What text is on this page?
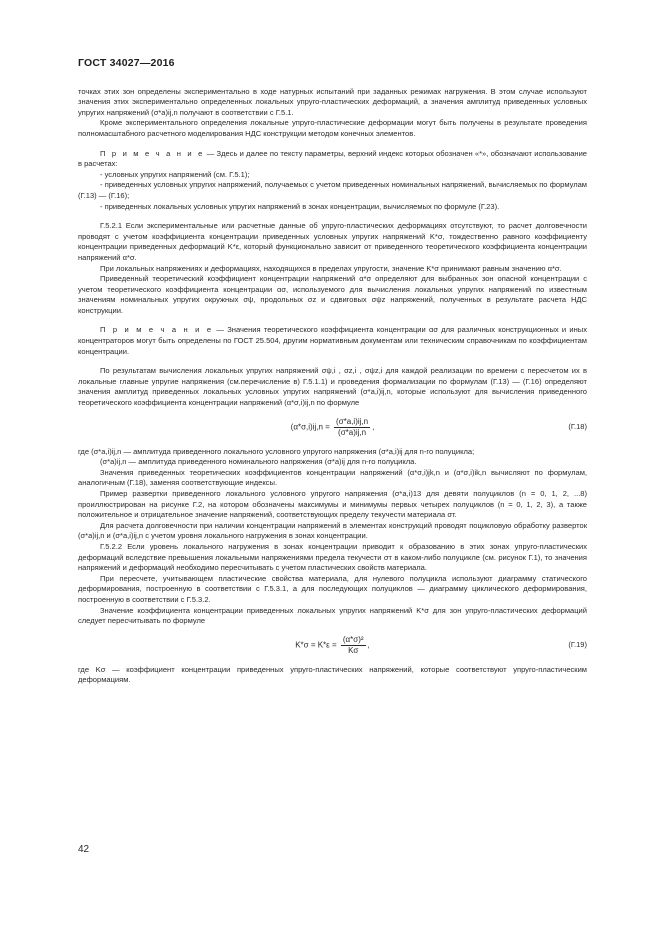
ГОСТ 34027—2016

точках этих зон определены экспериментально в ходе натурных испытаний при заданных режимах нагружения. В этом случае используют значения этих экспериментально определенных локальных упруго-пластических деформаций, а значения амплитуд приведенных условных упругих напряжений (σ*a)ij,n получают в соответствии с Г.5.1.

Кроме экспериментального определения локальные упруго-пластические деформации могут быть получены в результате проведения полномасштабного расчетного моделирования НДС конструкции методом конечных элементов.

П р и м е ч а н и е — Здесь и далее по тексту параметры, верхний индекс которых обозначен «*», обозначают использование в расчетах:

- условных упругих напряжений (см. Г.5.1);

- приведенных условных упругих напряжений, получаемых с учетом приведенных номинальных напряжений, вычисляемых по формулам (Г.13) — (Г.16);

- приведенных локальных условных упругих напряжений в зонах концентрации, вычисляемых по формуле (Г.23).

Г.5.2.1 Если экспериментальные или расчетные данные об упруго-пластических деформациях отсутствуют, то расчет долговечности проводят с учетом коэффициента концентрации приведенных условных упругих напряжений K*σ, тождественно равного коэффициенту концентрации приведенных деформаций K*ε, который функционально зависит от приведенного теоретического коэффициента концентрации напряжений α*σ.

При локальных напряжениях и деформациях, находящихся в пределах упругости, значение K*σ принимают равным значению α*σ.

Приведенный теоретический коэффициент концентрации напряжений α*σ определяют для выбранных зон опасной концентрации с учетом теоретического коэффициента концентрации ασ, используемого для вычисления локальных упругих напряжений по известным значениям номинальных упругих окружных σψ, продольных σz и сдвиговых σψz напряжений, полученных в результате расчета НДС конструкции.

П р и м е ч а н и е — Значения теоретического коэффициента концентрации ασ для различных конструкционных и иных концентраторов могут быть определены по ГОСТ 25.504, другим нормативным документам или техническим справочникам по коэффициентам концентрации.

По результатам вычисления локальных упругих напряжений σψ,i , σz,i , σψz,i для каждой реализации по времени с пересчетом их в локальные главные упругие напряжения (см.перечисление в) Г.5.1.1) и проведения формализации по формулам (Г.13) — (Г.16) определяют значения амплитуд приведенных локальных условных упругих напряжений (σ*a,i)ij,n, которые используют для вычисления приведенного теоретического коэффициента концентрации напряжений (α*σ,i)ij,n по формуле

$(\alpha*\sigma,i)ij,n = \frac{(\sigma*a,i)ij,n}{(\sigma*a)ij,n}$ ,	(Г.18)

где (σ*a,i)ij,n — амплитуда приведенного локального условного упругого напряжения (σ*a,i)ij для n-го полуцикла;

(σ*a)ij,n — амплитуда приведенного номинального напряжения (σ*a)ij для n-го полуцикла.

Значения приведенных теоретических коэффициентов концентрации напряжений (α*σ,i)jk,n и (α*σ,i)ik,n вычисляют по формулам, аналогичным (Г.18), заменяя соответствующие индексы.

Пример развертки приведенного локального условного упругого напряжения (σ*a,i)13 для девяти полуциклов (n = 0, 1, 2, ...8) проиллюстрирован на рисунке Г.2, на котором обозначены максимумы и минимумы первых четырех полуциклов (n = 0, 1, 2, 3), а также положительное и отрицательное значение напряжений, соответствующих пределу текучести материала σт.

Для расчета долговечности при наличии концентрации напряжений в элементах конструкций проводят поцикловую обработку разверток (σ*a)ij,n и (σ*a,i)ij,n с учетом уровня локального нагружения в зонах концентрации.

Г.5.2.2 Если уровень локального нагружения в зонах концентрации приводит к образованию в этих зонах упруго-пластических деформаций вследствие превышения локальными напряжениями предела текучести σт в каком-либо полуцикле (см. рисунок Г.1), то значения напряжений и деформаций необходимо пересчитывать с учетом пластических свойств материала.

При пересчете, учитывающем пластические свойства материала, для нулевого полуцикла используют диаграмму статического деформирования, построенную в соответствии с Г.5.3.1, а для последующих полуциклов — диаграмму циклического деформирования, построенную в соответствии с Г.5.3.2.

Значение коэффициента концентрации приведенных локальных упругих напряжений K*σ для зон упруго-пластических деформаций следует пересчитывать по формуле

$K*\sigma = K*\varepsilon = \frac{\text{(α*σ)²}}{K\sigma}$ ,	(Г.19)

где Kσ — коэффициент концентрации приведенных упруго-пластических напряжений, которые соответствуют упруго-пластическим деформациям.

42
